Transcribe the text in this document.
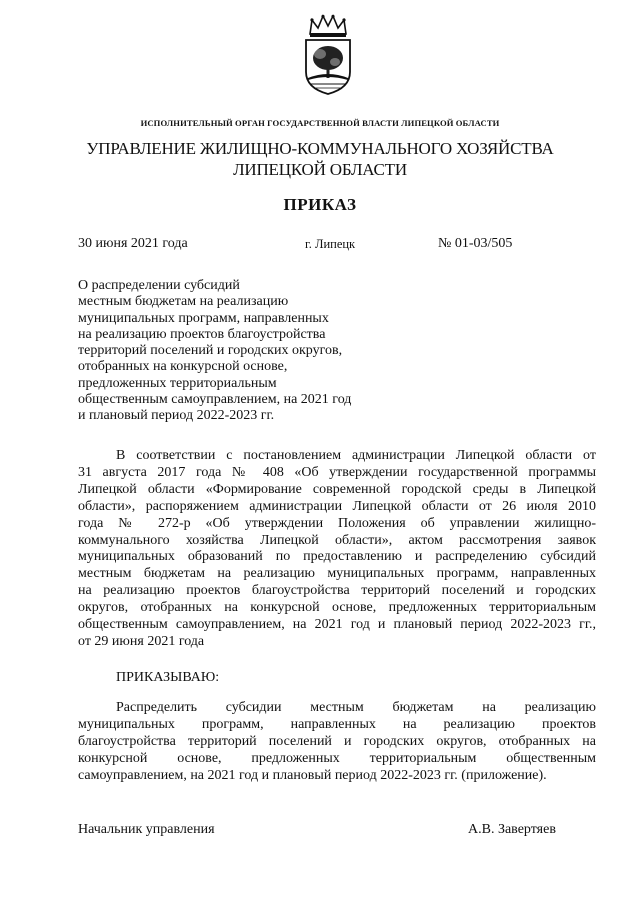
ИСПОЛНИТЕЛЬНЫЙ ОРГАН ГОСУДАРСТВЕННОЙ ВЛАСТИ ЛИПЕЦКОЙ ОБЛАСТИ
УПРАВЛЕНИЕ ЖИЛИЩНО-КОММУНАЛЬНОГО ХОЗЯЙСТВА
ЛИПЕЦКОЙ ОБЛАСТИ
ПРИКАЗ
30 июня 2021 года	г. Липецк	№ 01-03/505
О распределении субсидий
местным бюджетам на реализацию
муниципальных программ, направленных
на реализацию проектов благоустройства
территорий поселений и городских округов,
отобранных на конкурсной основе,
предложенных территориальным
общественным самоуправлением, на 2021 год
и плановый период 2022-2023 гг.
В соответствии с постановлением администрации Липецкой области от
31 августа 2017 года № 408 «Об утверждении государственной программы
Липецкой области «Формирование современной городской среды в Липецкой
области», распоряжением администрации Липецкой области от 26 июля 2010
года № 272-р «Об утверждении Положения об управлении жилищно-
коммунального хозяйства Липецкой области», актом рассмотрения заявок
муниципальных образований по предоставлению и распределению субсидий
местным бюджетам на реализацию муниципальных программ, направленных
на реализацию проектов благоустройства территорий поселений и городских
округов, отобранных на конкурсной основе, предложенных территориальным
общественным самоуправлением, на 2021 год и плановый период 2022-2023 гг.,
от 29 июня 2021 года
ПРИКАЗЫВАЮ:
Распределить субсидии местным бюджетам на реализацию
муниципальных программ, направленных на реализацию проектов
благоустройства территорий поселений и городских округов, отобранных на
конкурсной основе, предложенных территориальным общественным
самоуправлением, на 2021 год и плановый период 2022-2023 гг. (приложение).
Начальник управления	А.В. Завертяев
